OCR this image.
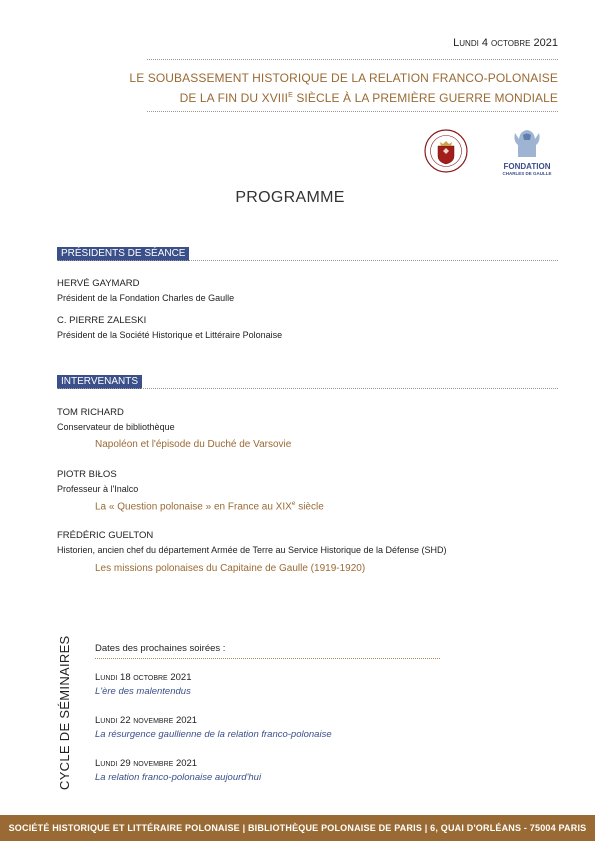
Lundi 4 octobre 2021
LE SOUBASSEMENT HISTORIQUE DE LA RELATION FRANCO-POLONAISE
DE LA FIN DU $XVIII^E$ SIÈCLE À LA PREMIÈRE GUERRE MONDIALE
FONDATION
CHARLES DE GAULLE
PROGRAMME
PRÉSIDENTS DE SÉANCE
HERVÉ GAYMARD
Président de la Fondation Charles de Gaulle
C. PIERRE ZALESKI
Président de la Société Historique et Littéraire Polonaise
INTERVENANTS
TOM RICHARD
Conservateur de bibliothèque
Napoléon et l'épisode du Duché de Varsovie
PIOTR BIŁOS
Professeur à l'Inalco
La « Question polonaise » en France au XIXe siècle
FRÉDÉRIC GUELTON
Historien, ancien chef du département Armée de Terre au Service Historique de la Défense (SHD)
Les missions polonaises du Capitaine de Gaulle (1919-1920)
CYCLE DE SÉMINAIRES Dates des prochaines soirées :
Lundi 18 octobre 2021
L'ère des malentendus
Lundi 22 novembre 2021
La résurgence gaullienne de la relation franco-polonaise
Lundi 29 novembre 2021
La relation franco-polonaise aujourd'hui
SOCIÉTÉ HISTORIQUE ET LITTÉRAIRE POLONAISE | BIBLIOTHÈQUE POLONAISE DE PARIS | 6, QUAI D'ORLÉANS - 75004 PARIS
